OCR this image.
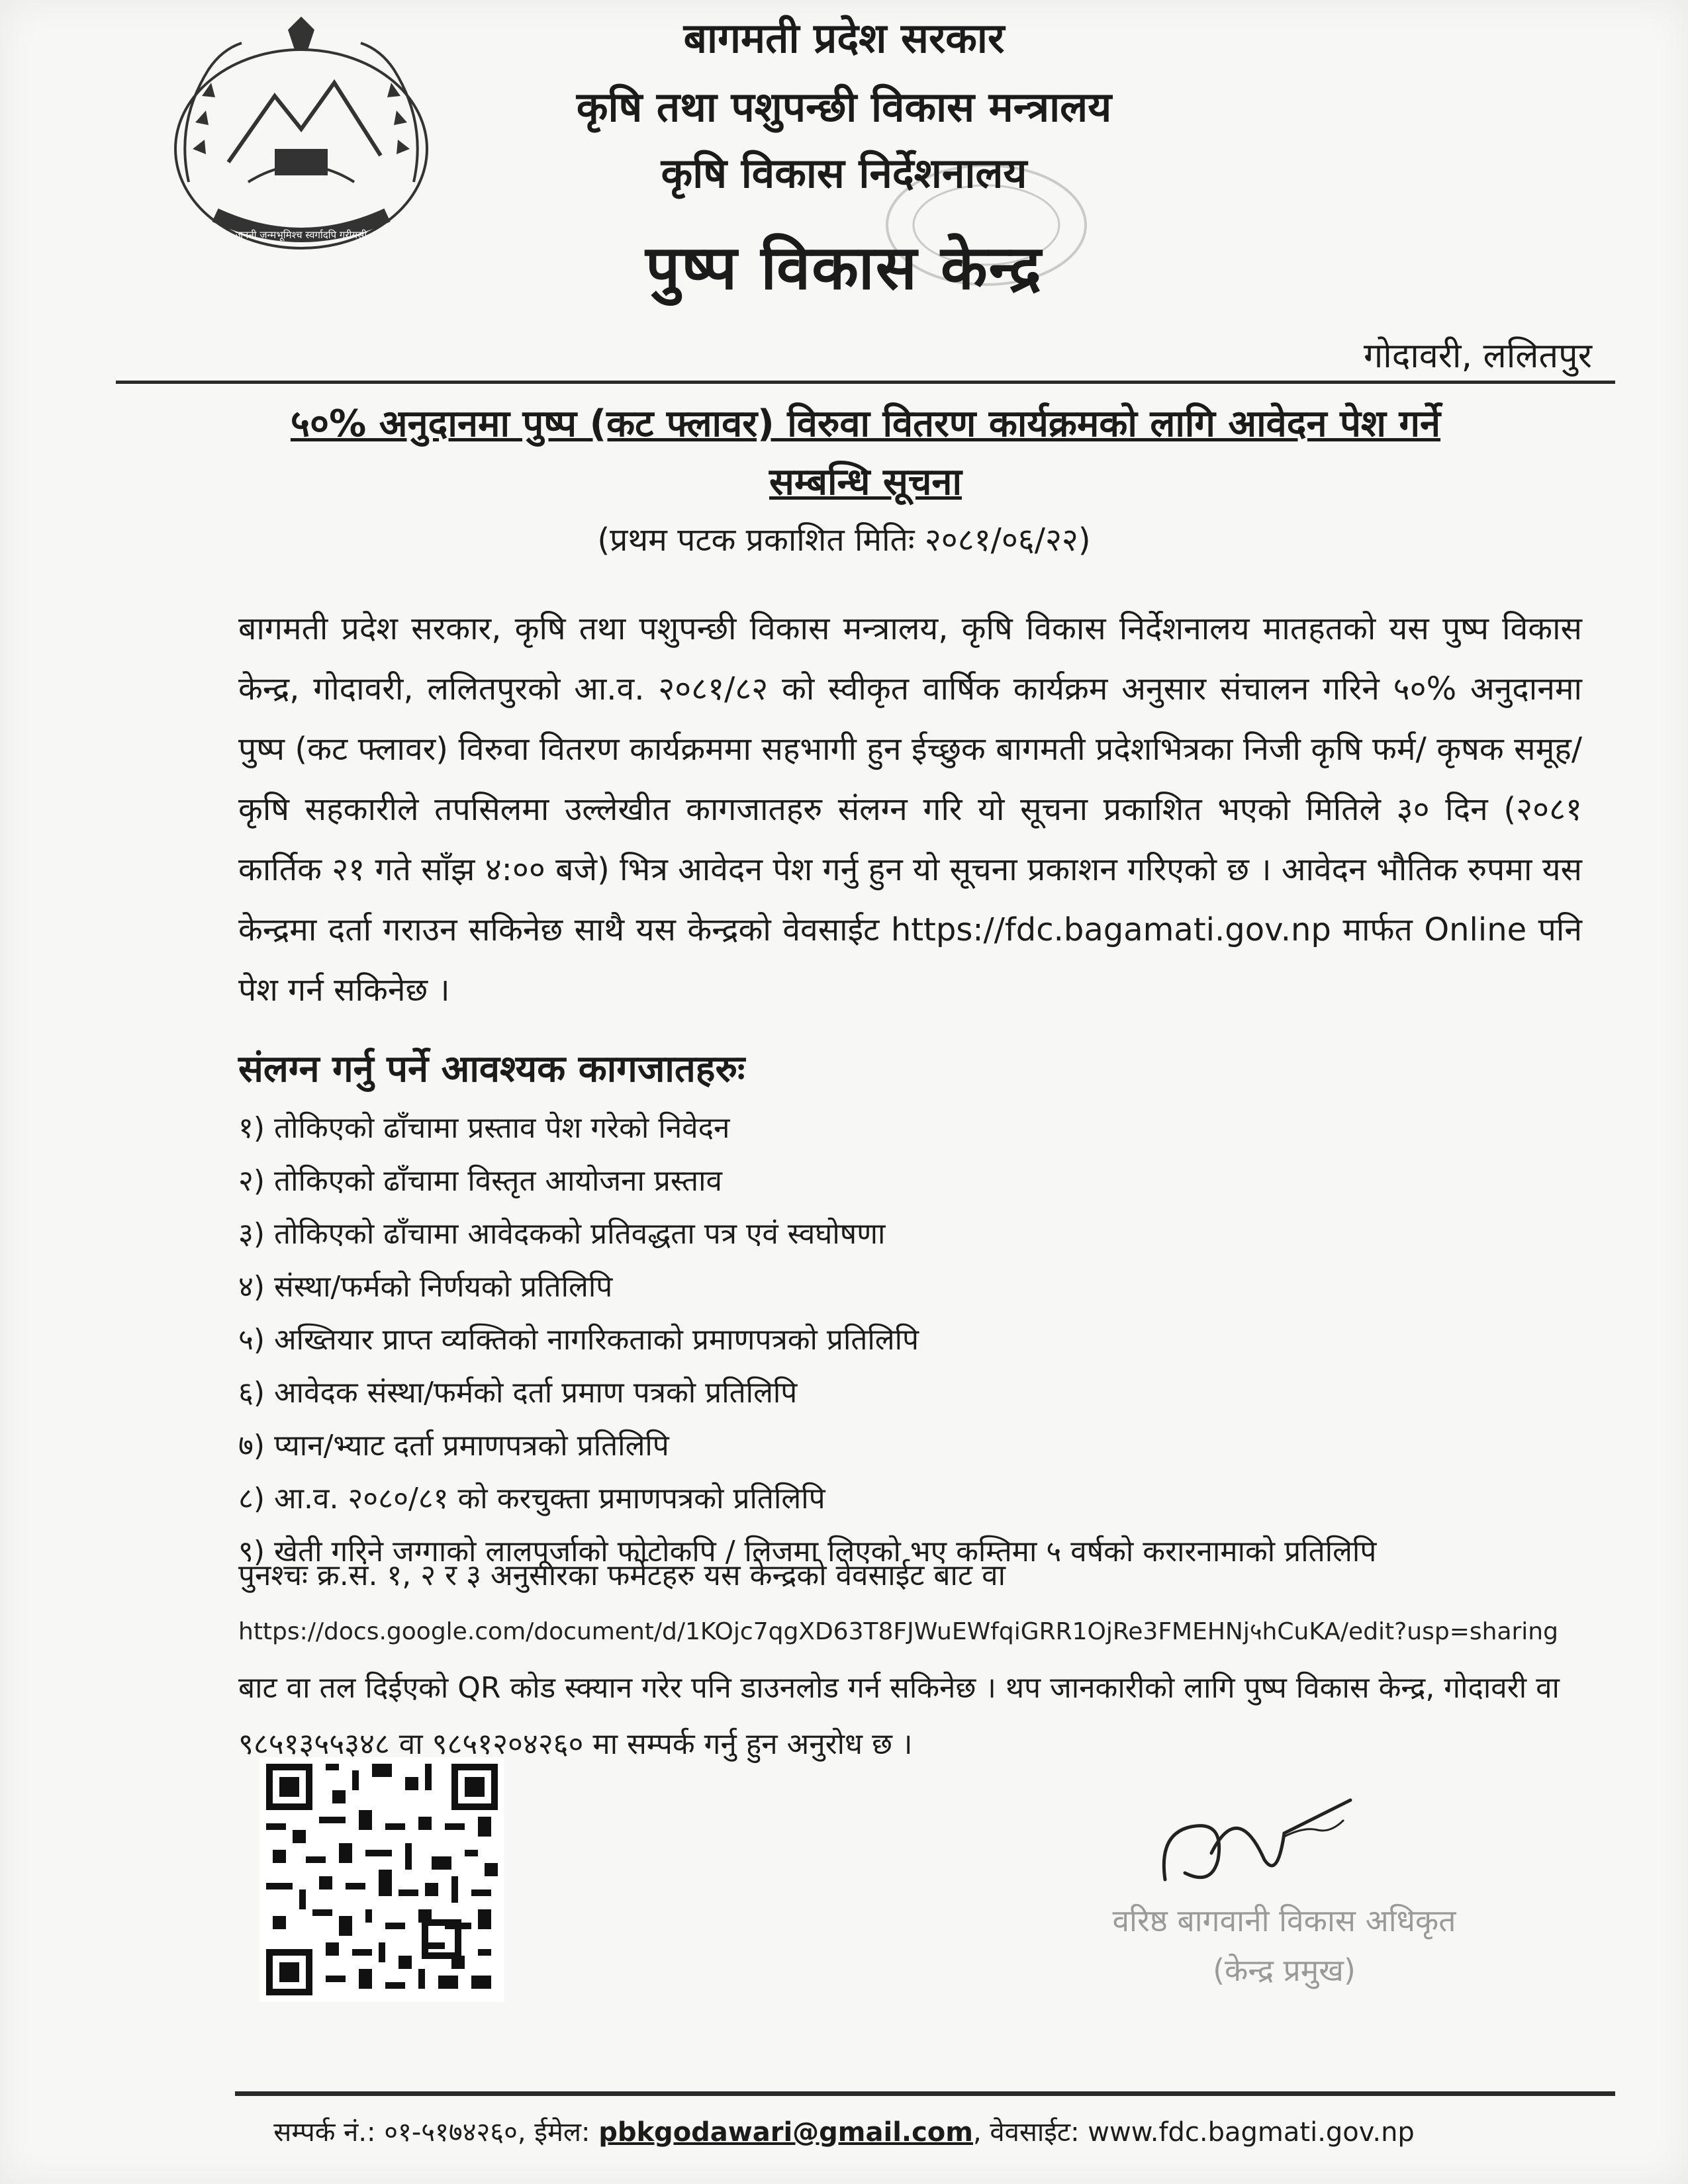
जननी जन्मभूमिश्च स्वर्गादपि गरीयसी
बागमती प्रदेश सरकार
कृषि तथा पशुपन्छी विकास मन्त्रालय
कृषि विकास निर्देशनालय
पुष्प विकास केन्द्र
गोदावरी, ललितपुर
५०% अनुदानमा पुष्प (कट फ्लावर) विरुवा वितरण कार्यक्रमको लागि आवेदन पेश गर्ने
सम्बन्धि सूचना
(प्रथम पटक प्रकाशित मितिः २०८१/०६/२२)
बागमती प्रदेश सरकार, कृषि तथा पशुपन्छी विकास मन्त्रालय, कृषि विकास निर्देशनालय मातहतको यस पुष्प विकास केन्द्र, गोदावरी, ललितपुरको आ.व. २०८१/८२ को स्वीकृत वार्षिक कार्यक्रम अनुसार संचालन गरिने ५०% अनुदानमा पुष्प (कट फ्लावर) विरुवा वितरण कार्यक्रममा सहभागी हुन ईच्छुक बागमती प्रदेशभित्रका निजी कृषि फर्म/ कृषक समूह/ कृषि सहकारीले तपसिलमा उल्लेखीत कागजातहरु संलग्न गरि यो सूचना प्रकाशित भएको मितिले ३० दिन (२०८१ कार्तिक २१ गते साँझ ४:०० बजे) भित्र आवेदन पेश गर्नु हुन यो सूचना प्रकाशन गरिएको छ । आवेदन भौतिक रुपमा यस केन्द्रमा दर्ता गराउन सकिनेछ साथै यस केन्द्रको वेवसाईट https://fdc.bagamati.gov.np मार्फत Online पनि पेश गर्न सकिनेछ ।
संलग्न गर्नु पर्ने आवश्यक कागजातहरुः
१) तोकिएको ढाँचामा प्रस्ताव पेश गरेको निवेदन
२) तोकिएको ढाँचामा विस्तृत आयोजना प्रस्ताव
३) तोकिएको ढाँचामा आवेदकको प्रतिवद्धता पत्र एवं स्वघोषणा
४) संस्था/फर्मको निर्णयको प्रतिलिपि
५) अख्तियार प्राप्त व्यक्तिको नागरिकताको प्रमाणपत्रको प्रतिलिपि
६) आवेदक संस्था/फर्मको दर्ता प्रमाण पत्रको प्रतिलिपि
७) प्यान/भ्याट दर्ता प्रमाणपत्रको प्रतिलिपि
८) आ.व. २०८०/८१ को करचुक्ता प्रमाणपत्रको प्रतिलिपि
९) खेती गरिने जग्गाको लालपूर्जाको फोटोकपि / लिजमा लिएको भए कम्तिमा ५ वर्षको करारनामाको प्रतिलिपि
पुनश्चः क्र.सं. १, २ र ३ अनुसारका फर्मेटहरु यस केन्द्रको वेवसाईट बाट वा
https://docs.google.com/document/d/1KOjc7qgXD63T8FJWuEWfqiGRR1OjRe3FMEHNj५hCuKA/edit?usp=sharing
बाट वा तल दिईएको QR कोड स्क्यान गरेर पनि डाउनलोड गर्न सकिनेछ । थप जानकारीको लागि पुष्प विकास केन्द्र, गोदावरी वा ९८५१३५५३४८ वा ९८५१२०४२६० मा सम्पर्क गर्नु हुन अनुरोध छ ।
वरिष्ठ बागवानी विकास अधिकृत
(केन्द्र प्रमुख)
सम्पर्क नं.: ०१-५१७४२६०, ईमेल: pbkgodawari@gmail.com, वेवसाईट: www.fdc.bagmati.gov.np
